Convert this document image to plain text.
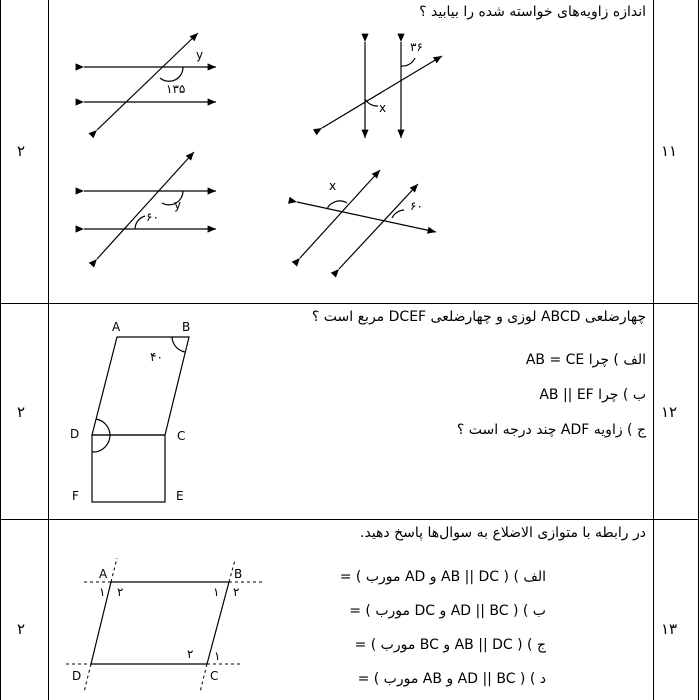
۱۱
۲
اندازه زاویه‌های خواسته شده را بیابید ؟
y
۱۳۵
۳۶
x
y
۶۰
x
۶۰
۱۲
۲
چهارضلعی ABCD لوزی و چهارضلعی DCEF مربع است ؟
الف ) چرا AB = CE
ب ) چرا AB || EF
ج ) زاویه ADF چند درجه است ؟
A	B
C
D
E
F
۴۰
۱۳
۲
در رابطه با متوازی الاضلاع به سوال‌ها پاسخ دهید.
الف ) ( AB || DC و AD مورب ) =
ب ) ( AD || BC و DC مورب ) =
ج ) ( AB || DC و BC مورب ) =
د ) ( AD || BC و AB مورب ) =
A	B
C
D
۱ ۲	۱ ۲
۱
۲
